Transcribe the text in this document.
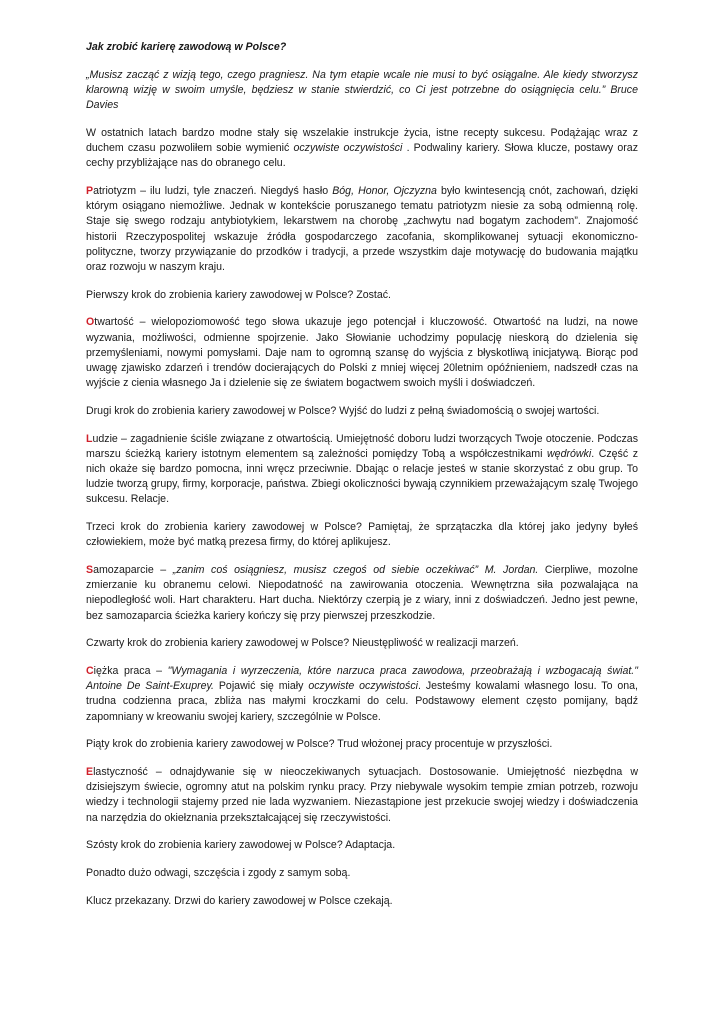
Jak zrobić karierę zawodową w Polsce?

„Musisz zacząć z wizją tego, czego pragniesz. Na tym etapie wcale nie musi to być osiągalne. Ale kiedy stworzysz klarowną wizję w swoim umyśle, będziesz w stanie stwierdzić, co Ci jest potrzebne do osiągnięcia celu.” Bruce Davies

W ostatnich latach bardzo modne stały się wszelakie instrukcje życia, istne recepty sukcesu. Podążając wraz z duchem czasu pozwoliłem sobie wymienić oczywiste oczywistości . Podwaliny kariery. Słowa klucze, postawy oraz cechy przybliżające nas do obranego celu.

Patriotyzm – ilu ludzi, tyle znaczeń. Niegdyś hasło Bóg, Honor, Ojczyzna było kwintesencją cnót, zachowań, dzięki którym osiągano niemożliwe. Jednak w kontekście poruszanego tematu patriotyzm niesie za sobą odmienną rolę. Staje się swego rodzaju antybiotykiem, lekarstwem na chorobę „zachwytu nad bogatym zachodem”. Znajomość historii Rzeczypospolitej wskazuje źródła gospodarczego zacofania, skomplikowanej sytuacji ekonomiczno-polityczne, tworzy przywiązanie do przodków i tradycji, a przede wszystkim daje motywację do budowania majątku oraz rozwoju w naszym kraju.

Pierwszy krok do zrobienia kariery zawodowej w Polsce? Zostać.

Otwartość – wielopoziomowość tego słowa ukazuje jego potencjał i kluczowość. Otwartość na ludzi, na nowe wyzwania, możliwości, odmienne spojrzenie. Jako Słowianie uchodzimy populację nieskorą do dzielenia się przemyśleniami, nowymi pomysłami. Daje nam to ogromną szansę do wyjścia z błyskotliwą inicjatywą. Biorąc pod uwagę zjawisko zdarzeń i trendów docierających do Polski z mniej więcej 20letnim opóźnieniem, nadszedł czas na wyjście z cienia własnego Ja i dzielenie się ze światem bogactwem swoich myśli i doświadczeń.

Drugi krok do zrobienia kariery zawodowej w Polsce? Wyjść do ludzi z pełną świadomością o swojej wartości.

Ludzie – zagadnienie ściśle związane z otwartością. Umiejętność doboru ludzi tworzących Twoje otoczenie. Podczas marszu ścieżką kariery istotnym elementem są zależności pomiędzy Tobą a współczestnikami wędrówki. Część z nich okaże się bardzo pomocna, inni wręcz przeciwnie. Dbając o relacje jesteś w stanie skorzystać z obu grup. To ludzie tworzą grupy, firmy, korporacje, państwa. Zbiegi okoliczności bywają czynnikiem przeważającym szalę Twojego sukcesu. Relacje.

Trzeci krok do zrobienia kariery zawodowej w Polsce? Pamiętaj, że sprzątaczka dla której jako jedyny byłeś człowiekiem, może być matką prezesa firmy, do której aplikujesz.

Samozaparcie – „zanim coś osiągniesz, musisz czegoś od siebie oczekiwać” M. Jordan. Cierpliwe, mozolne zmierzanie ku obranemu celowi. Niepodatność na zawirowania otoczenia. Wewnętrzna siła pozwalająca na niepodległość woli. Hart charakteru. Hart ducha. Niektórzy czerpią je z wiary, inni z doświadczeń. Jedno jest pewne, bez samozaparcia ścieżka kariery kończy się przy pierwszej przeszkodzie.

Czwarty krok do zrobienia kariery zawodowej w Polsce? Nieustępliwość w realizacji marzeń.

Ciężka praca – "Wymagania i wyrzeczenia, które narzuca praca zawodowa, przeobrażają i wzbogacają świat." Antoine De Saint-Exuprey. Pojawić się miały oczywiste oczywistości. Jesteśmy kowalami własnego losu. To ona, trudna codzienna praca, zbliża nas małymi kroczkami do celu. Podstawowy element często pomijany, bądź zapomniany w kreowaniu swojej kariery, szczególnie w Polsce.

Piąty krok do zrobienia kariery zawodowej w Polsce? Trud włożonej pracy procentuje w przyszłości.

Elastyczność – odnajdywanie się w nieoczekiwanych sytuacjach. Dostosowanie. Umiejętność niezbędna w dzisiejszym świecie, ogromny atut na polskim rynku pracy. Przy niebywale wysokim tempie zmian potrzeb, rozwoju wiedzy i technologii stajemy przed nie lada wyzwaniem. Niezastąpione jest przekucie swojej wiedzy i doświadczenia na narzędzia do okiełznania przekształcającej się rzeczywistości.

Szósty krok do zrobienia kariery zawodowej w Polsce? Adaptacja.

Ponadto dużo odwagi, szczęścia i zgody z samym sobą.

Klucz przekazany. Drzwi do kariery zawodowej w Polsce czekają.
